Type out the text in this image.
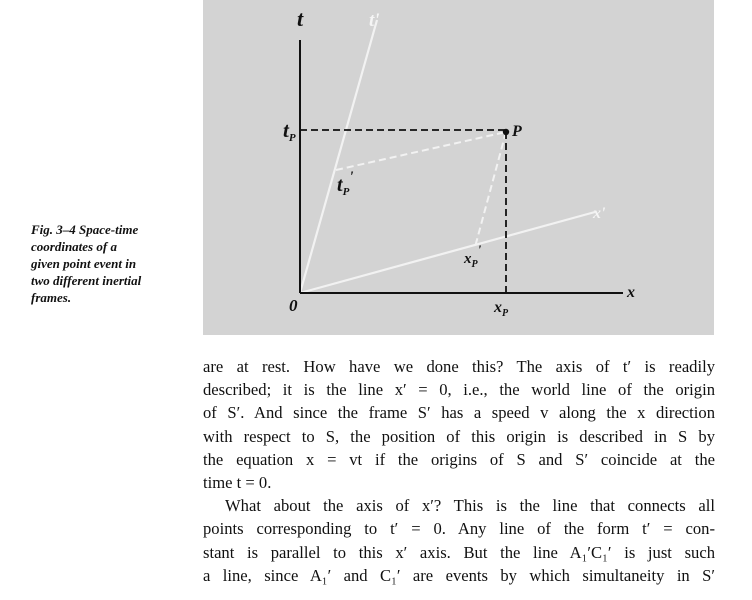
t
x
t'
x'
0
P
tP
$t_P'$
$x_P$
$x_P'$
Fig. 3–4 Space-time
coordinates of a
given point event in
two different inertial
frames.
are at rest. How have we done this? The axis of t′ is readily
described; it is the line x′ = 0, i.e., the world line of the origin
of S′. And since the frame S′ has a speed v along the x direction
with respect to S, the position of this origin is described in S by
the equation x = vt if the origins of S and S′ coincide at the
time t = 0.
What about the axis of x′? This is the line that connects all
points corresponding to t′ = 0. Any line of the form t′ = con-
stant is parallel to this x′ axis. But the line A₁′C₁′ is just such
a line, since A₁′ and C₁′ are events by which simultaneity in S′
